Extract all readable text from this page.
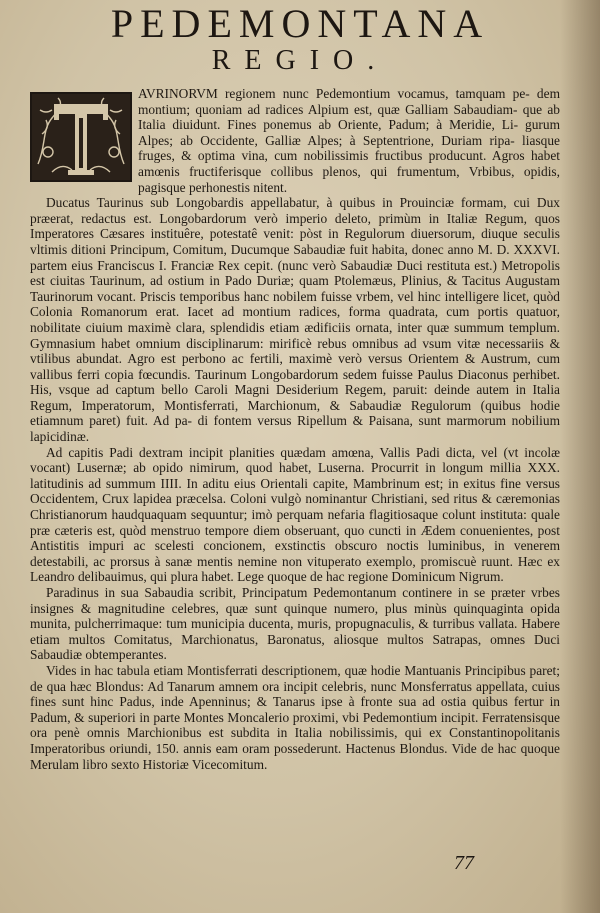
PEDEMONTANA
REGIO.

AVRINORVM regionem nunc Pedemontium vocamus, tamquam pe- dem montium; quoniam ad radices Alpium est, quæ Galliam Sabaudiam- que ab Italia diuidunt. Fines ponemus ab Oriente, Padum; à Meridie, Li- gurum Alpes; ab Occidente, Galliæ Alpes; à Septentrione, Duriam ripa- liasque fruges, & optima vina, cum nobilissimis fructibus producunt. Agros habet amœnis fructiferisque collibus plenos, qui frumentum, Vrbibus, opidis, pagisque perhonestis nitent.

Ducatus Taurinus sub Longobardis appellabatur, à quibus in Prouinciæ formam, cui Dux præerat, redactus est. Longobardorum verò imperio deleto, primùm in Italiæ Regum, quos Imperatores Cæsares instituêre, potestatê venit: pòst in Regulorum diuersorum, diuque seculis vltimis ditioni Principum, Comitum, Ducumque Sabaudiæ fuit habita, donec anno M. D. XXXVI. partem eius Franciscus I. Franciæ Rex cepit. (nunc verò Sabaudiæ Duci restituta est.) Metropolis est ciuitas Taurinum, ad ostium in Pado Duriæ; quam Ptolemæus, Plinius, & Tacitus Augustam Taurinorum vocant. Priscis temporibus hanc nobilem fuisse vrbem, vel hinc intelligere licet, quòd Colonia Romanorum erat. Iacet ad montium radices, forma quadrata, cum portis quatuor, nobilitate ciuium maximè clara, splendidis etiam ædificiis ornata, inter quæ summum templum. Gymnasium habet omnium disciplinarum: mirificè rebus omnibus ad vsum vitæ necessariis & vtilibus abundat. Agro est perbono ac fertili, maximè verò versus Orientem & Austrum, cum vallibus ferri copia fœcundis. Taurinum Longobardorum sedem fuisse Paulus Diaconus perhibet. His, vsque ad captum bello Caroli Magni Desiderium Regem, paruit: deinde autem in Italia Regum, Imperatorum, Montisferrati, Marchionum, & Sabaudiæ Regulorum (quibus hodie etiamnum paret) fuit. Ad pa- di fontem versus Ripellum & Paisana, sunt marmorum nobilium lapicidinæ.

Ad capitis Padi dextram incipit planities quædam amœna, Vallis Padi dicta, vel (vt incolæ vocant) Lusernæ; ab opido nimirum, quod habet, Luserna. Procurrit in longum millia XXX. latitudinis ad summum IIII. In aditu eius Orientali capite, Mambrinum est; in exitus fine versus Occidentem, Crux lapidea præcelsa. Coloni vulgò nominantur Christiani, sed ritus & cæremonias Christianorum haudquaquam sequuntur; imò perquam nefaria flagitiosaque colunt instituta: quale præ cæteris est, quòd menstruo tempore diem obseruant, quo cuncti in Ædem conuenientes, post Antistitis impuri ac scelesti concionem, exstinctis obscuro noctis luminibus, in venerem detestabili, ac prorsus à sanæ mentis nemine non vituperato exemplo, promiscuè ruunt. Hæc ex Leandro delibauimus, qui plura habet. Lege quoque de hac regione Dominicum Nigrum.

Paradinus in sua Sabaudia scribit, Principatum Pedemontanum continere in se præter vrbes insignes & magnitudine celebres, quæ sunt quinque numero, plus minùs quinquaginta opida munita, pulcherrimaque: tum municipia ducenta, muris, propugnaculis, & turribus vallata. Habere etiam multos Comitatus, Marchionatus, Baronatus, aliosque multos Satrapas, omnes Duci Sabaudiæ obtemperantes.

Vides in hac tabula etiam Montisferrati descriptionem, quæ hodie Mantuanis Principibus paret; de qua hæc Blondus: Ad Tanarum amnem ora incipit celebris, nunc Monsferratus appellata, cuius fines sunt hinc Padus, inde Apenninus; & Tanarus ipse à fronte sua ad ostia quibus fertur in Padum, & superiori in parte Montes Moncalerio proximi, vbi Pedemontium incipit. Ferratensisque ora penè omnis Marchionibus est subdita in Italia nobilissimis, qui ex Constantinopolitanis Imperatoribus oriundi, 150. annis eam oram possederunt. Hactenus Blondus. Vide de hac quoque Merulam libro sexto Historiæ Vicecomitum.

77
